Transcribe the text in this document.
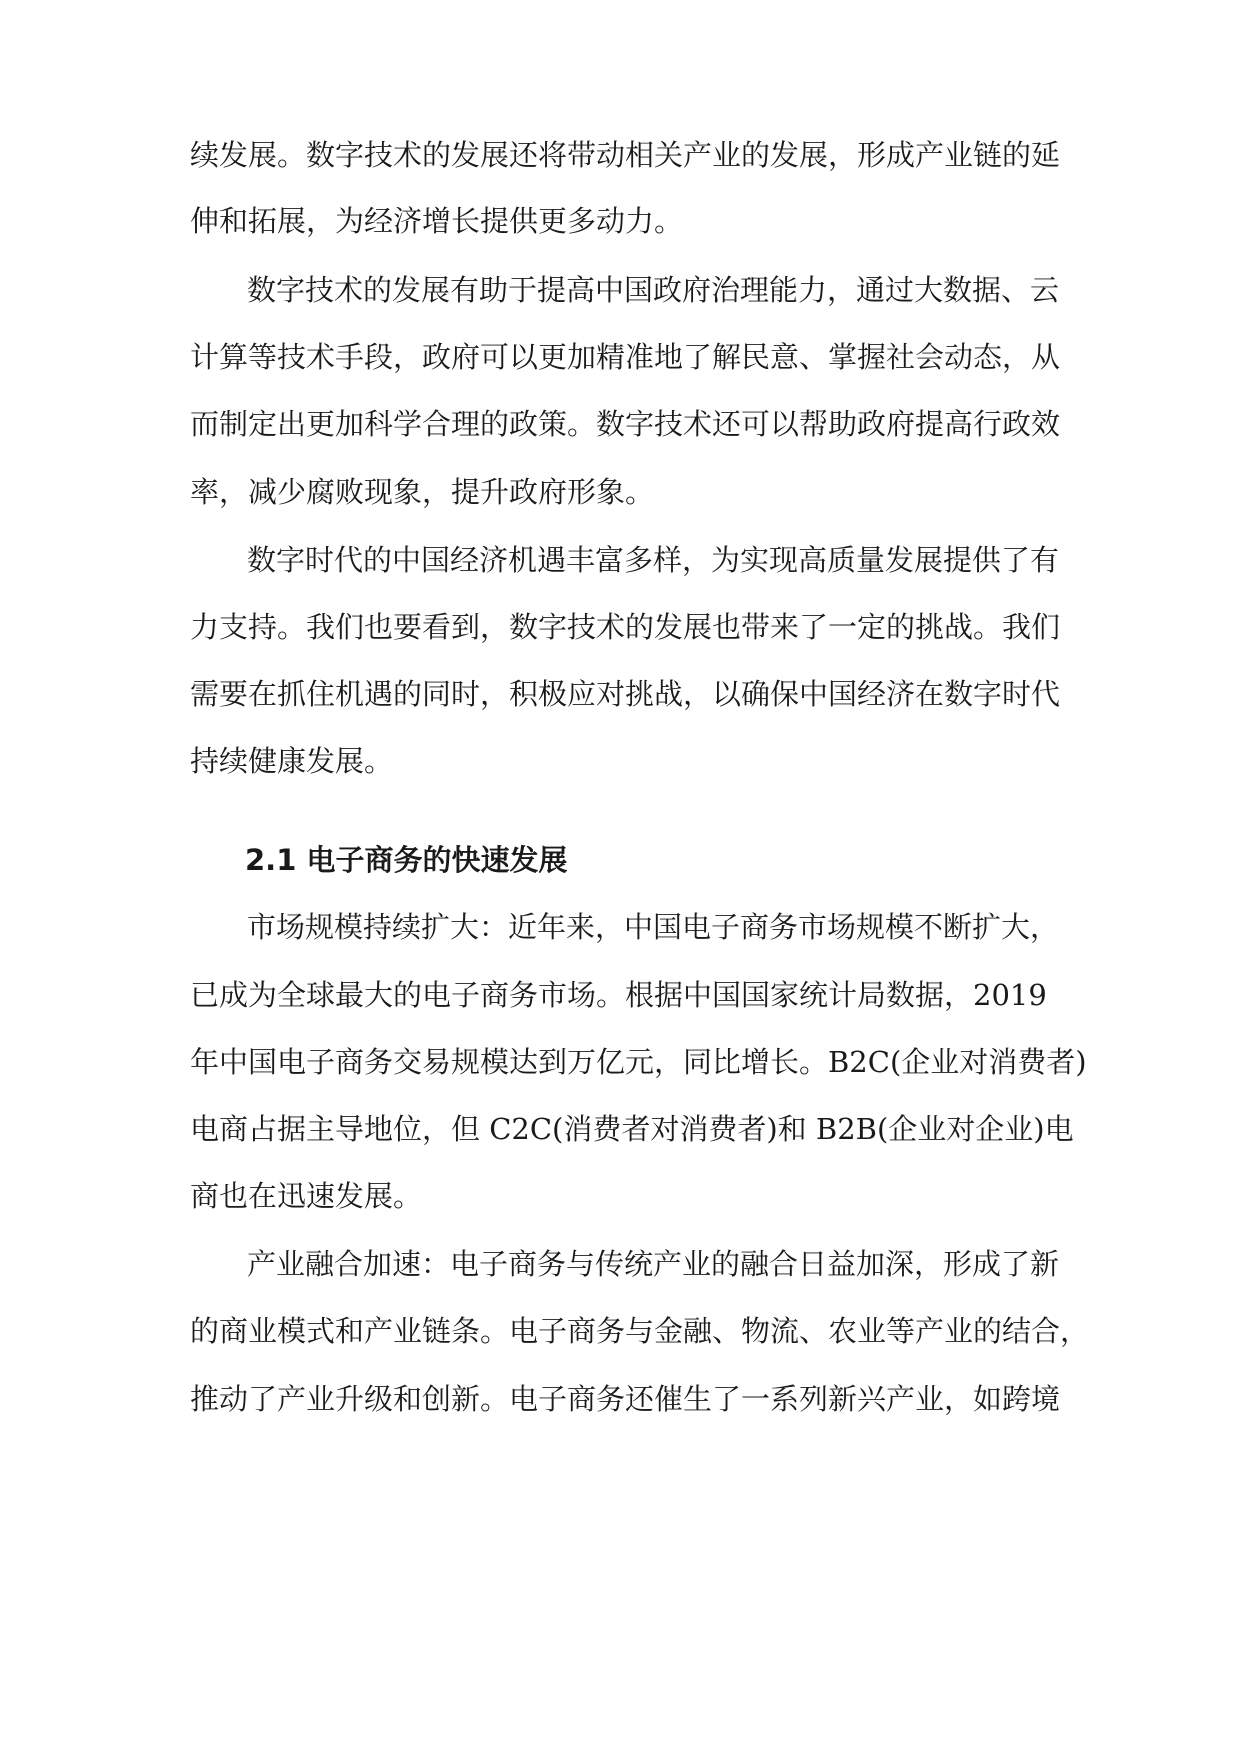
续发展。数字技术的发展还将带动相关产业的发展，形成产业链的延
伸和拓展，为经济增长提供更多动力。
数字技术的发展有助于提高中国政府治理能力，通过大数据、云
计算等技术手段，政府可以更加精准地了解民意、掌握社会动态，从
而制定出更加科学合理的政策。数字技术还可以帮助政府提高行政效
率，减少腐败现象，提升政府形象。
数字时代的中国经济机遇丰富多样，为实现高质量发展提供了有
力支持。我们也要看到，数字技术的发展也带来了一定的挑战。我们
需要在抓住机遇的同时，积极应对挑战，以确保中国经济在数字时代
持续健康发展。
2.1 电子商务的快速发展
市场规模持续扩大：近年来，中国电子商务市场规模不断扩大，
已成为全球最大的电子商务市场。根据中国国家统计局数据，2019
年中国电子商务交易规模达到万亿元，同比增长。B2C(企业对消费者)
电商占据主导地位，但 C2C(消费者对消费者)和 B2B(企业对企业)电
商也在迅速发展。
产业融合加速：电子商务与传统产业的融合日益加深，形成了新
的商业模式和产业链条。电子商务与金融、物流、农业等产业的结合，
推动了产业升级和创新。电子商务还催生了一系列新兴产业，如跨境
